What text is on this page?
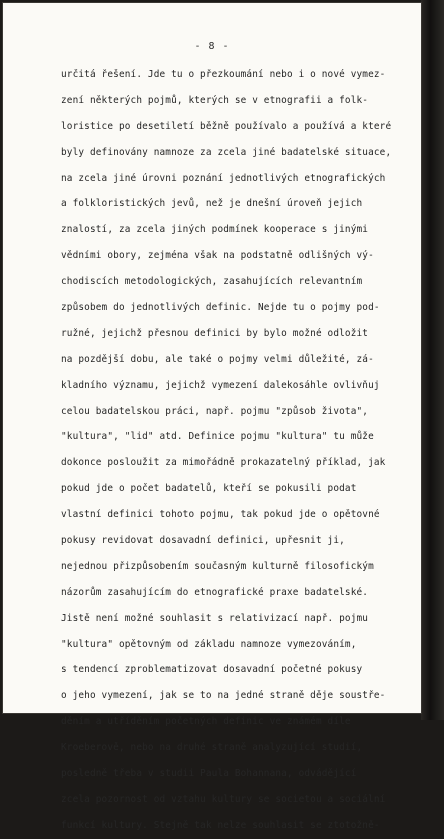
- 8 -
určitá řešení. Jde tu o přezkoumání nebo i o nové vymez-
zení některých pojmů, kterých se v etnografii a folk-
loristice po desetiletí běžně používalo a používá a které
byly definovány namnoze za zcela jiné badatelské situace,
na zcela jiné úrovni poznání jednotlivých etnografických
a folkloristických jevů, než je dnešní úroveň jejich
znalostí, za zcela jiných podmínek kooperace s jinými
vědními obory, zejména však na podstatně odlišných vý-
chodiscích metodologických, zasahujících relevantním
způsobem do jednotlivých definic. Nejde tu o pojmy pod-
ružné, jejichž přesnou definici by bylo možné odložit
na pozdější dobu, ale také o pojmy velmi důležité, zá-
kladního významu, jejichž vymezení dalekosáhle ovlivňuj
celou badatelskou práci, např. pojmu "způsob života",
"kultura", "lid" atd. Definice pojmu "kultura" tu může
dokonce posloužit za mimořádně prokazatelný příklad, jak
pokud jde o počet badatelů, kteří se pokusili podat
vlastní definici tohoto pojmu, tak pokud jde o opětovné
pokusy revidovat dosavadní definici, upřesnit ji,
nejednou přizpůsobením současným kulturně filosofickým
názorům zasahujícím do etnografické praxe badatelské.
Jistě není možné souhlasit s relativizací např. pojmu
"kultura" opětovným od základu namnoze vymezováním,
s tendencí zproblematizovat dosavadní početné pokusy
o jeho vymezení, jak se to na jedné straně děje soustře-
děním a utříděním početných definic ve známém díle
Kroeberově, nebo na druhé straně analyzující studií,
posledně třeba v studii Paula Bohannana, odvádějící
zcela pozornost od vztahu kultury se societou a sociální
funkcí kultury. Stejně tak nelze souhlasit se ztotožně-
